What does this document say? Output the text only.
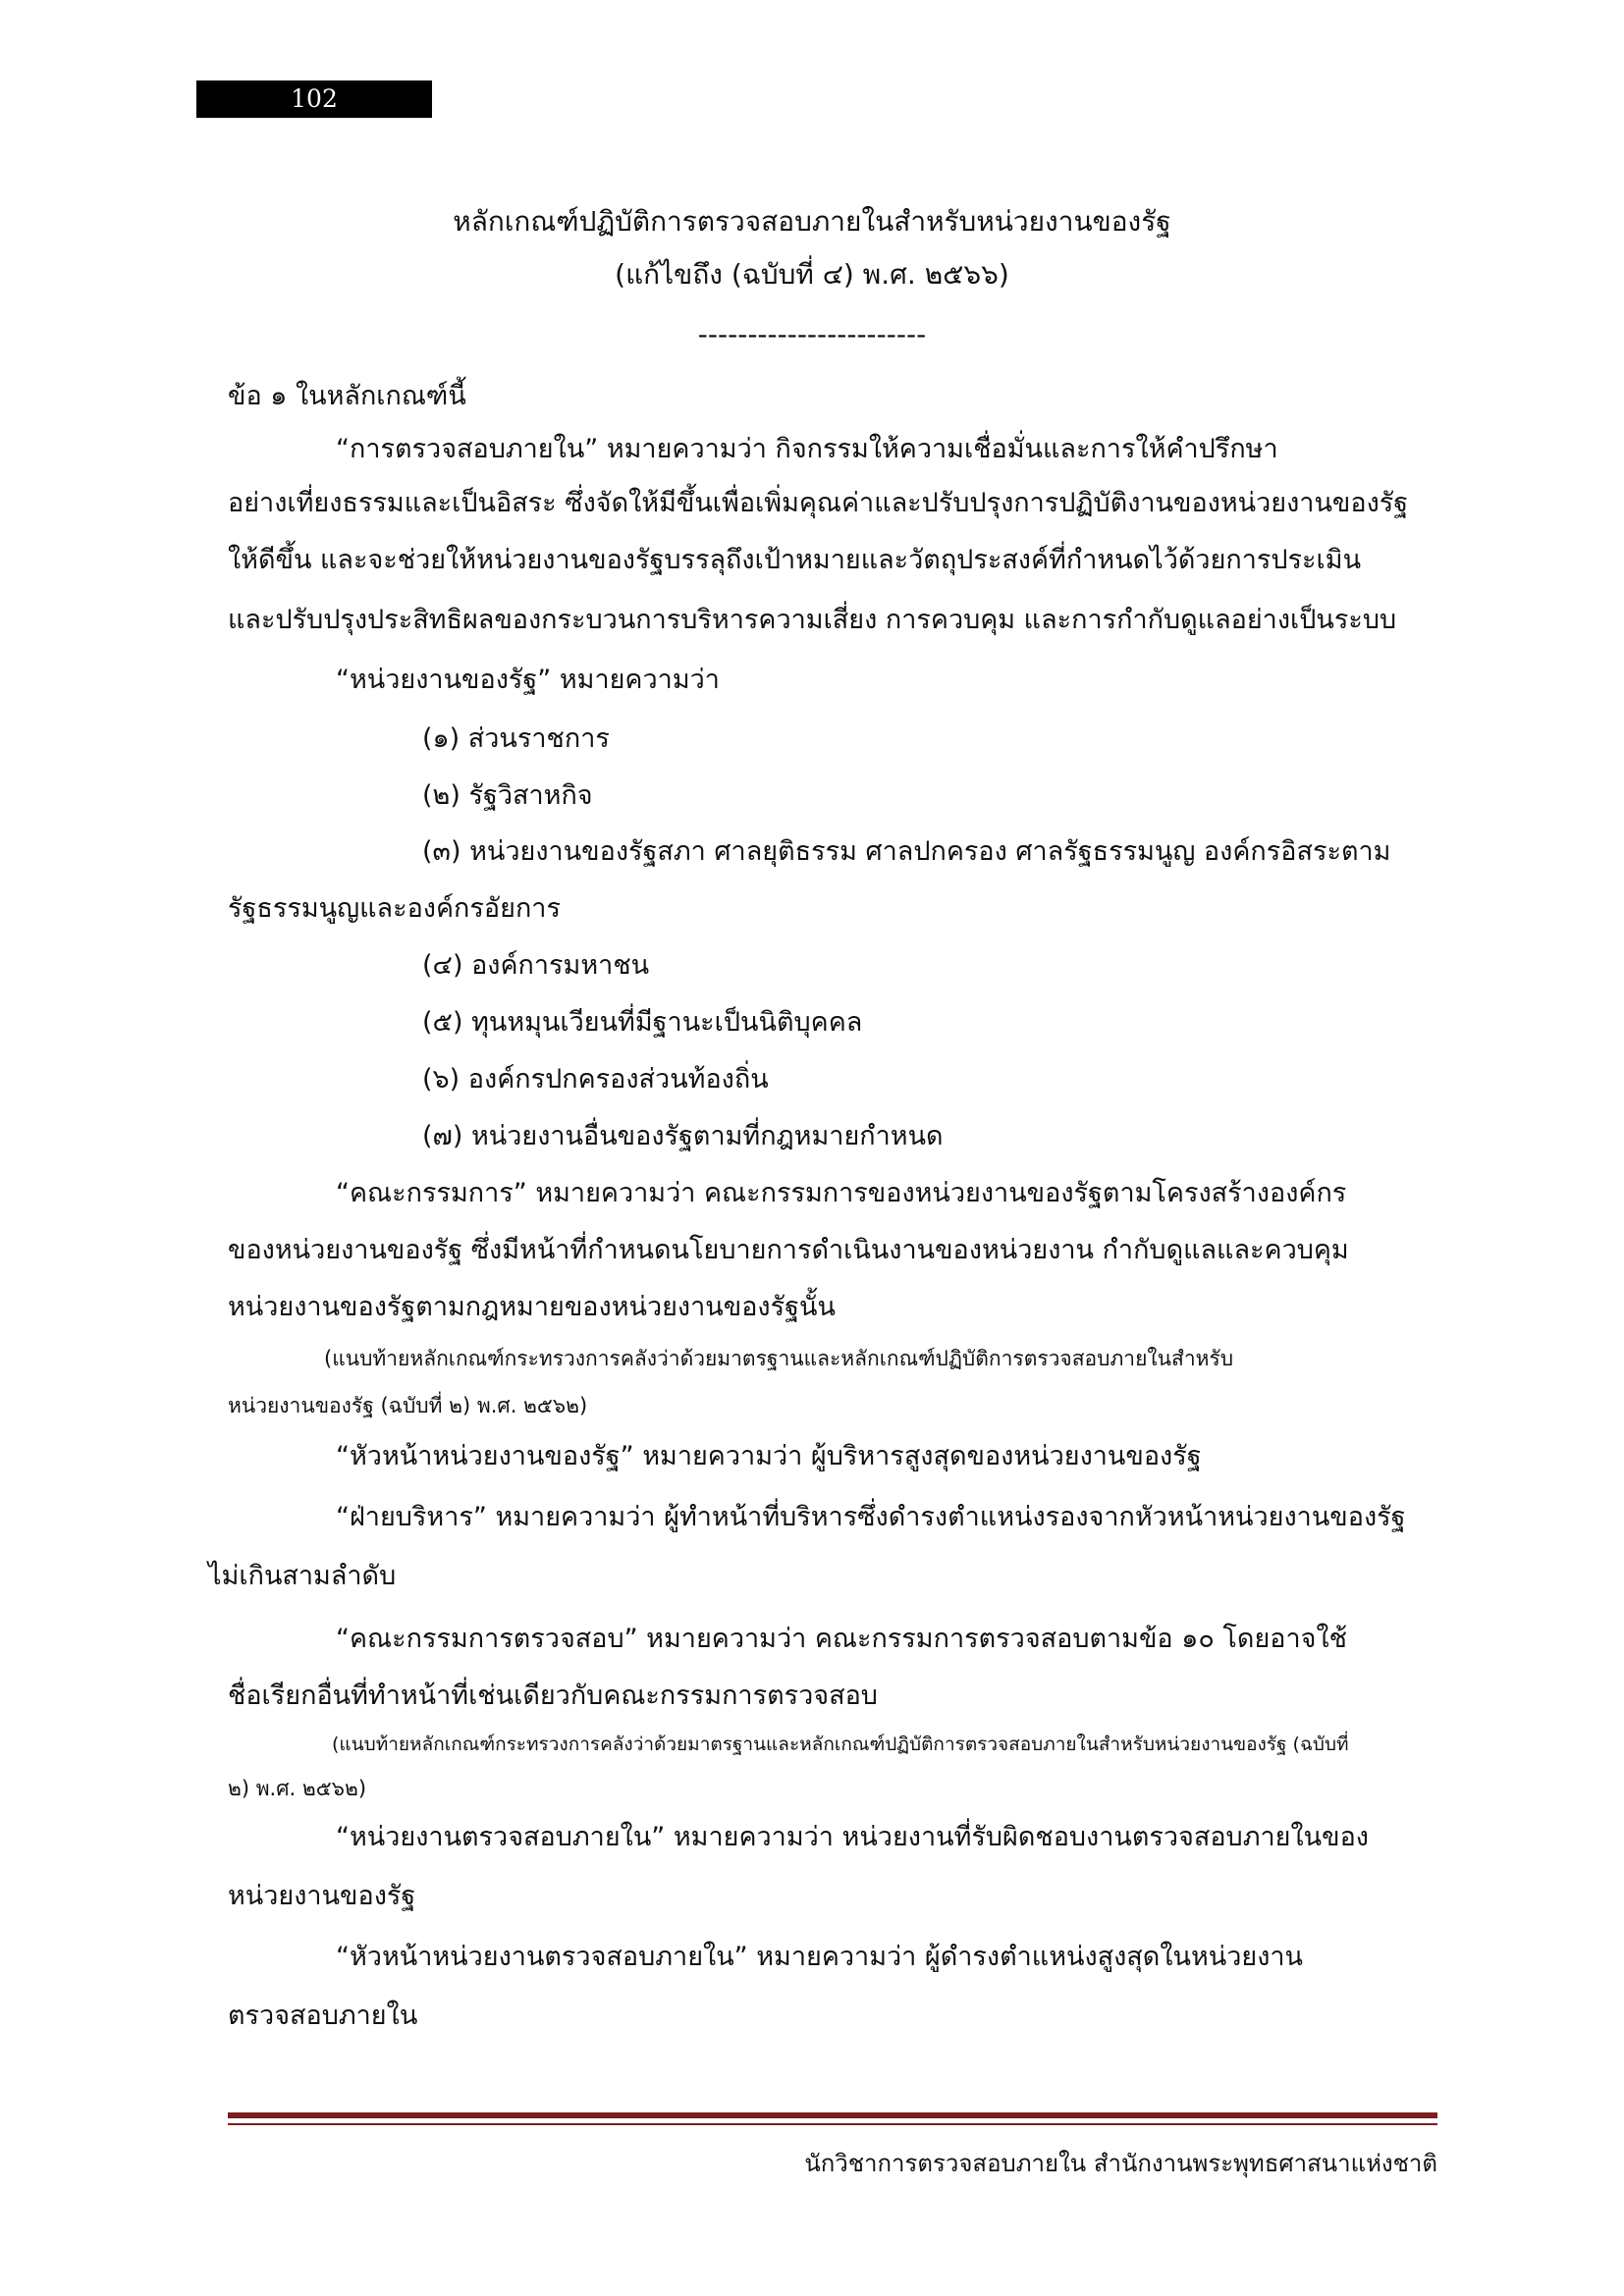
102
หลักเกณฑ์ปฏิบัติการตรวจสอบภายในสำหรับหน่วยงานของรัฐ
(แก้ไขถึง (ฉบับที่ ๔) พ.ศ. ๒๕๖๖)
-----------------------
ข้อ ๑ ในหลักเกณฑ์นี้
“การตรวจสอบภายใน” หมายความว่า กิจกรรมให้ความเชื่อมั่นและการให้คำปรึกษา
อย่างเที่ยงธรรมและเป็นอิสระ ซึ่งจัดให้มีขึ้นเพื่อเพิ่มคุณค่าและปรับปรุงการปฏิบัติงานของหน่วยงานของรัฐ
ให้ดีขึ้น และจะช่วยให้หน่วยงานของรัฐบรรลุถึงเป้าหมายและวัตถุประสงค์ที่กำหนดไว้ด้วยการประเมิน
และปรับปรุงประสิทธิผลของกระบวนการบริหารความเสี่ยง การควบคุม และการกำกับดูแลอย่างเป็นระบบ
“หน่วยงานของรัฐ” หมายความว่า
(๑) ส่วนราชการ
(๒) รัฐวิสาหกิจ
(๓) หน่วยงานของรัฐสภา ศาลยุติธรรม ศาลปกครอง ศาลรัฐธรรมนูญ องค์กรอิสระตาม
รัฐธรรมนูญและองค์กรอัยการ
(๔) องค์การมหาชน
(๕) ทุนหมุนเวียนที่มีฐานะเป็นนิติบุคคล
(๖) องค์กรปกครองส่วนท้องถิ่น
(๗) หน่วยงานอื่นของรัฐตามที่กฎหมายกำหนด
“คณะกรรมการ” หมายความว่า คณะกรรมการของหน่วยงานของรัฐตามโครงสร้างองค์กร
ของหน่วยงานของรัฐ ซึ่งมีหน้าที่กำหนดนโยบายการดำเนินงานของหน่วยงาน กำกับดูแลและควบคุม
หน่วยงานของรัฐตามกฎหมายของหน่วยงานของรัฐนั้น
(แนบท้ายหลักเกณฑ์กระทรวงการคลังว่าด้วยมาตรฐานและหลักเกณฑ์ปฏิบัติการตรวจสอบภายในสำหรับ
หน่วยงานของรัฐ (ฉบับที่ ๒) พ.ศ. ๒๕๖๒)
“หัวหน้าหน่วยงานของรัฐ” หมายความว่า ผู้บริหารสูงสุดของหน่วยงานของรัฐ
“ฝ่ายบริหาร” หมายความว่า ผู้ทำหน้าที่บริหารซึ่งดำรงตำแหน่งรองจากหัวหน้าหน่วยงานของรัฐ
ไม่เกินสามลำดับ
“คณะกรรมการตรวจสอบ” หมายความว่า คณะกรรมการตรวจสอบตามข้อ ๑๐ โดยอาจใช้
ชื่อเรียกอื่นที่ทำหน้าที่เช่นเดียวกับคณะกรรมการตรวจสอบ
(แนบท้ายหลักเกณฑ์กระทรวงการคลังว่าด้วยมาตรฐานและหลักเกณฑ์ปฏิบัติการตรวจสอบภายในสำหรับหน่วยงานของรัฐ (ฉบับที่
๒) พ.ศ. ๒๕๖๒)
“หน่วยงานตรวจสอบภายใน” หมายความว่า หน่วยงานที่รับผิดชอบงานตรวจสอบภายในของ
หน่วยงานของรัฐ
“หัวหน้าหน่วยงานตรวจสอบภายใน” หมายความว่า ผู้ดำรงตำแหน่งสูงสุดในหน่วยงาน
ตรวจสอบภายใน
นักวิชาการตรวจสอบภายใน สำนักงานพระพุทธศาสนาแห่งชาติ
